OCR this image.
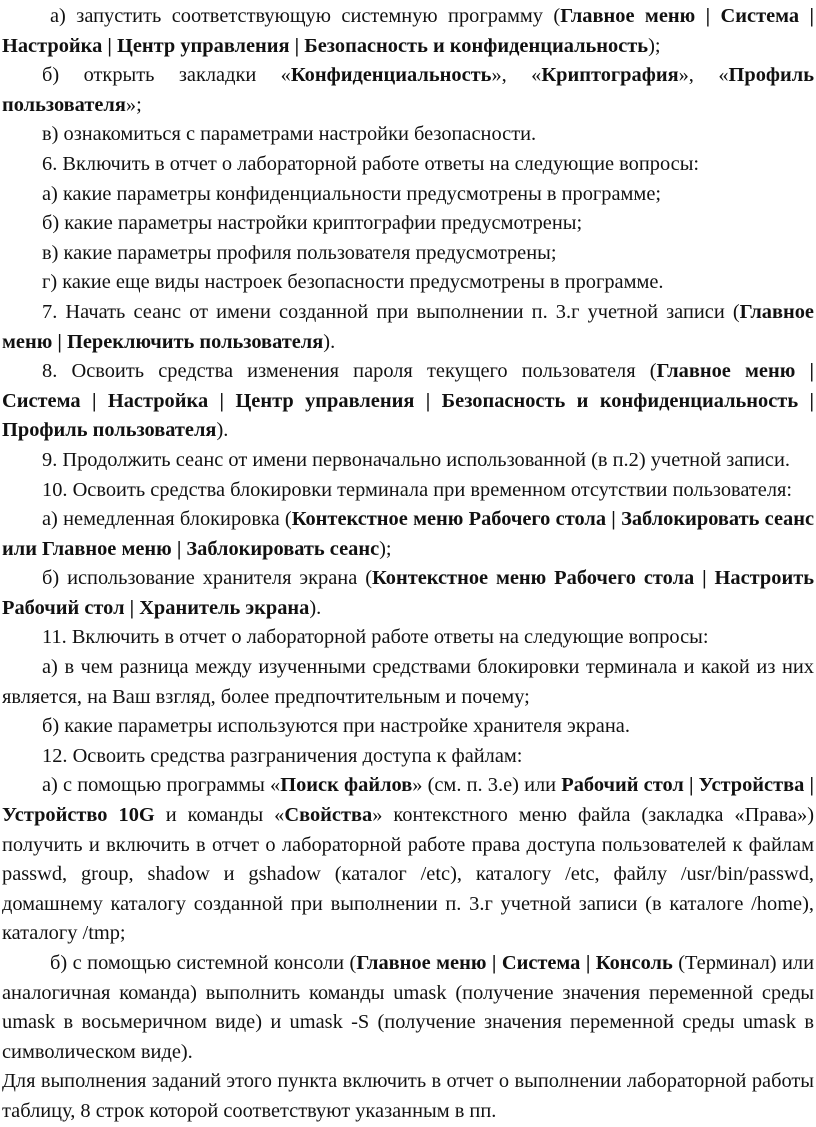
а) запустить соответствующую системную программу (Главное меню | Система | Настройка | Центр управления | Безопасность и конфиденциальность);

б) открыть закладки «Конфиденциальность», «Криптография», «Профиль пользователя»;

в) ознакомиться с параметрами настройки безопасности.

6. Включить в отчет о лабораторной работе ответы на следующие вопросы:

а) какие параметры конфиденциальности предусмотрены в программе;

б) какие параметры настройки криптографии предусмотрены;

в) какие параметры профиля пользователя предусмотрены;

г) какие еще виды настроек безопасности предусмотрены в программе.

7. Начать сеанс от имени созданной при выполнении п. 3.г учетной записи (Главное меню | Переключить пользователя).

8. Освоить средства изменения пароля текущего пользователя (Главное меню | Система | Настройка | Центр управления | Безопасность и конфиденциальность | Профиль пользователя).

9. Продолжить сеанс от имени первоначально использованной (в п.2) учетной записи.

10. Освоить средства блокировки терминала при временном отсутствии пользователя:

а) немедленная блокировка (Контекстное меню Рабочего стола | Заблокировать сеанс или Главное меню | Заблокировать сеанс);

б) использование хранителя экрана (Контекстное меню Рабочего стола | Настроить Рабочий стол | Хранитель экрана).

11. Включить в отчет о лабораторной работе ответы на следующие вопросы:

а) в чем разница между изученными средствами блокировки терминала и какой из них является, на Ваш взгляд, более предпочтительным и почему;

б) какие параметры используются при настройке хранителя экрана.

12. Освоить средства разграничения доступа к файлам:

а) с помощью программы «Поиск файлов» (см. п. 3.е) или Рабочий стол | Устройства | Устройство 10G и команды «Свойства» контекстного меню файла (закладка «Права») получить и включить в отчет о лабораторной работе права доступа пользователей к файлам passwd, group, shadow и gshadow (каталог /etc), каталогу /etc, файлу /usr/bin/passwd, домашнему каталогу созданной при выполнении п. 3.г учетной записи (в каталоге /home), каталогу /tmp;

б) с помощью системной консоли (Главное меню | Система | Консоль (Терминал) или аналогичная команда) выполнить команды umask (получение значения переменной среды umask в восьмеричном виде) и umask -S (получение значения переменной среды umask в символическом виде).

Для выполнения заданий этого пункта включить в отчет о выполнении лабораторной работы таблицу, 8 строк которой соответствуют указанным в пп.
